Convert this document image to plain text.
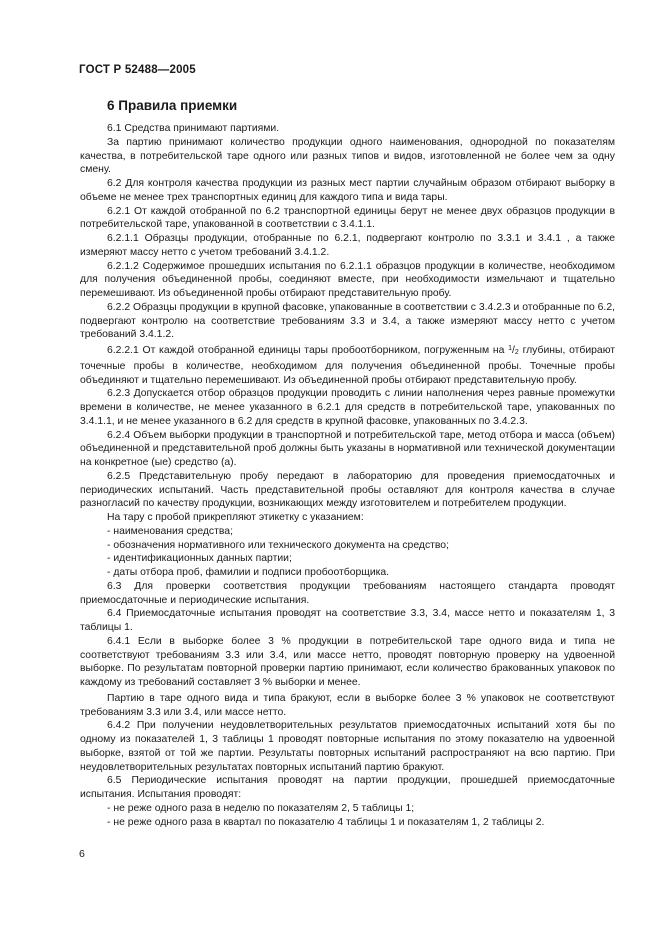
ГОСТ Р 52488—2005
6 Правила приемки

6.1 Средства принимают партиями.

За партию принимают количество продукции одного наименования, однородной по показателям качества, в потребительской таре одного или разных типов и видов, изготовленной не более чем за одну смену.

6.2 Для контроля качества продукции из разных мест партии случайным образом отбирают выборку в объеме не менее трех транспортных единиц для каждого типа и вида тары.

6.2.1 От каждой отобранной по 6.2 транспортной единицы берут не менее двух образцов продукции в потребительской таре, упакованной в соответствии с 3.4.1.1.

6.2.1.1 Образцы продукции, отобранные по 6.2.1, подвергают контролю по 3.3.1 и 3.4.1 , а также измеряют массу нетто с учетом требований 3.4.1.2.

6.2.1.2 Содержимое прошедших испытания по 6.2.1.1 образцов продукции в количестве, необходимом для получения объединенной пробы, соединяют вместе, при необходимости измельчают и тщательно перемешивают. Из объединенной пробы отбирают представительную пробу.

6.2.2 Образцы продукции в крупной фасовке, упакованные в соответствии с 3.4.2.3 и отобранные по 6.2, подвергают контролю на соответствие требованиям 3.3 и 3.4, а также измеряют массу нетто с учетом требований 3.4.1.2.

6.2.2.1 От каждой отобранной единицы тары пробоотборником, погруженным на $^1$/2 глубины, отбирают точечные пробы в количестве, необходимом для получения объединенной пробы. Точечные пробы объединяют и тщательно перемешивают. Из объединенной пробы отбирают представительную пробу.

6.2.3 Допускается отбор образцов продукции проводить с линии наполнения через равные промежутки времени в количестве, не менее указанного в 6.2.1 для средств в потребительской таре, упакованных по 3.4.1.1, и не менее указанного в 6.2 для средств в крупной фасовке, упакованных по 3.4.2.3.

6.2.4 Объем выборки продукции в транспортной и потребительской таре, метод отбора и масса (объем) объединенной и представительной проб должны быть указаны в нормативной или технической документации на конкретное (ые) средство (а).

6.2.5 Представительную пробу передают в лабораторию для проведения приемосдаточных и периодических испытаний. Часть представительной пробы оставляют для контроля качества в случае разногласий по качеству продукции, возникающих между изготовителем и потребителем продукции.

На тару с пробой прикрепляют этикетку с указанием:

- наименования средства;

- обозначения нормативного или технического документа на средство;

- идентификационных данных партии;

- даты отбора проб, фамилии и подписи пробоотборщика.

6.3 Для проверки соответствия продукции требованиям настоящего стандарта проводят приемосдаточные и периодические испытания.

6.4 Приемосдаточные испытания проводят на соответствие 3.3, 3.4, массе нетто и показателям 1, 3 таблицы 1.

6.4.1 Если в выборке более 3 % продукции в потребительской таре одного вида и типа не соответствуют требованиям 3.3 или 3.4, или массе нетто, проводят повторную проверку на удвоенной выборке. По результатам повторной проверки партию принимают, если количество бракованных упаковок по каждому из требований составляет 3 % выборки и менее.

Партию в таре одного вида и типа бракуют, если в выборке более 3 % упаковок не соответствуют требованиям 3.3 или 3.4, или массе нетто.

6.4.2 При получении неудовлетворительных результатов приемосдаточных испытаний хотя бы по одному из показателей 1, 3 таблицы 1 проводят повторные испытания по этому показателю на удвоенной выборке, взятой от той же партии. Результаты повторных испытаний распространяют на всю партию. При неудовлетворительных результатах повторных испытаний партию бракуют.

6.5 Периодические испытания проводят на партии продукции, прошедшей приемосдаточные испытания. Испытания проводят:

- не реже одного раза в неделю по показателям 2, 5 таблицы 1;

- не реже одного раза в квартал по показателю 4 таблицы 1 и показателям 1, 2 таблицы 2.

6
